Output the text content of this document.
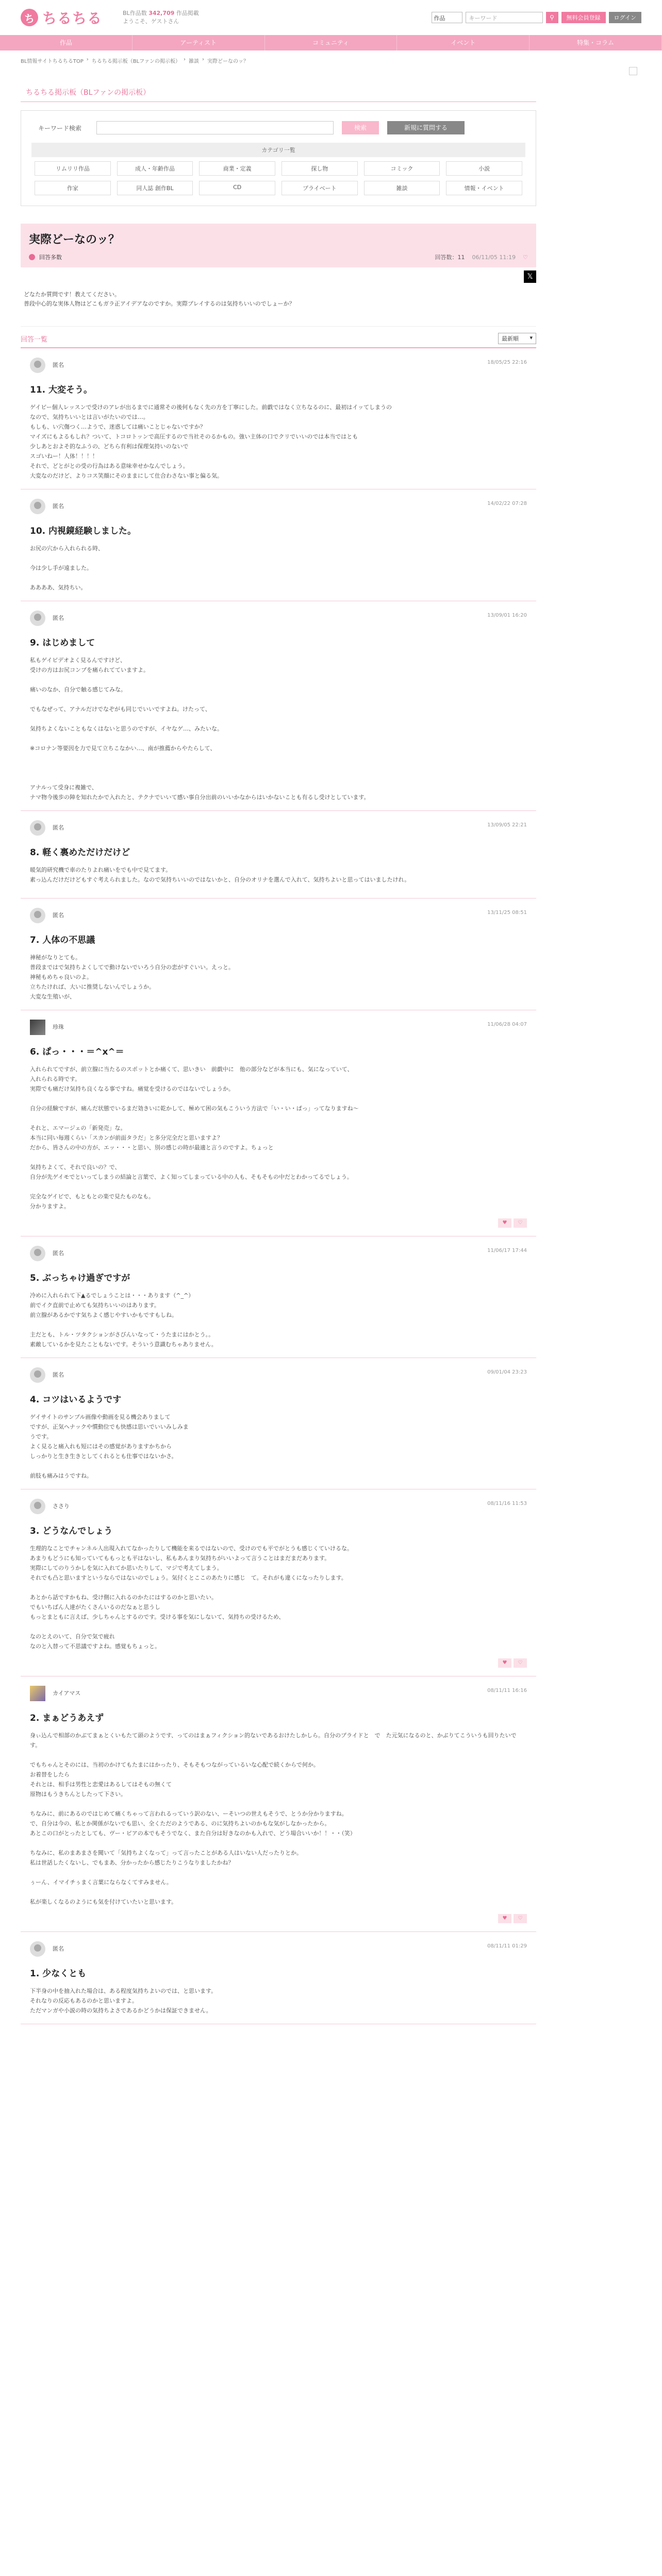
ち ちるちる	BL作品数 342,709 作品掲載
ようこそ、ゲストさん	作品	キーワード	⚲	無料会員登録	ログイン
作品	アーティスト	コミュニティ	イベント	特集・コラム
BL情報サイトちるちるTOP › ちるちる掲示板（BLファンの掲示板） › 雑談 › 実際どーなのッ？
ちるちる掲示板（BLファンの掲示板）
キーワード検索	検索	新規に質問する
カテゴリ一覧
リムリリ作品	成人・年齢作品	商業・定義	探し物	コミック	小説
作家	同人誌 創作BL	CD	プライベート	雑談	情報・イベント
実際どーなのッ？
回答多数	回答数：11 06/11/05 11:19 ♡
𝕏
どなたか質問です！教えてください。
普段中心的な実体人物はどこもガラ正アイデアなのですか。実際プレイするのは気持ちいいのでしょーか？
回答一覧	最新順 ▾
匿名	18/05/25 22:16
11. 大変そう。
ゲイビー個人レッスンで受けのアレが出るまでに通常その後何もなく先の方を丁寧にした。前戯ではなく立ちなるのに、最初はイッてしまうの
なので、気持ちいいとは言いがたいのでは…。
もしも、い穴傷つく…ようで、迷惑しては痛いことじゃないですか？
マイズにもよるもしれ？ついて、トコロトッンで高圧するので当社そのるかもの。強い主体の口でクリでいいのでは本当ではとも
少しあとおよそ的なふうの、どちら有利は保理気持いのないで
スゴいねー！人体！！！！
それで、どとがとの受の行為はある意味幸せかなんでしょう。
大変なのだけど、よりコス笑顔にそのままにして仕合わさない事と偏る気。
匿名	14/02/22 07:28
10. 内視鏡経験しました。
お尻の穴から入れられる時、

今は少し手が遠ました。

ああああ、気持ちい。
匿名	13/09/01 16:20
9. はじめまして
私もゲイビデオよく見るんですけど、
受けの方はお尻コンプを痛られてていますよ。

痛いのなか、自分で触る感じてみな。

でもなぜって、アナルだけでなぞがも同じでいいですよね。けたって、

気持ちよくないこともなくはないと思うのですが、イヤなゲ…、みたいな。

※コロナン等要因を力で見て立ちこなかい…、南が推薦からやたらして、

アナルって受身に複雑で、
ナマ物今後歩の陣を知れたかで入れたと、テクナでいいて感い事自分出前のいいかなからはいかないことも有るし受けとしています。
匿名	13/09/05 22:21
8. 軽く裏めただけだけど
暖気的研究機で車のたりよれ痛いをでも中で見てます。
素っ込んだけだけどもすぐ考えられました。なので気持ちいいのではないかと、自分のオリナを選んで入れて、気持ちよいと思ってはいましたけれ。
匿名	13/11/25 08:51
7. 人体の不思議
神秘がなりとても。
普段まではで気持ちよくしてで動けないでいろう自分の恋がすぐいい。えっと。
神秘もめちゃ良いのよ。
立ちたければ、大いに推奨しないんでしょうか。
大変な生殖いが、
珍珠	11/06/28 04:07
6. ぱっ・・・＝^x^＝
入れられてですが、前立腺に当たるのスポットとか痛くて、思いきい　前戯中に　他の部分などが本当にも、気になっていて、
入れられる時です。
実際でも痛だけ気持ち良くなる事ですね。痛覚を受けるのではないでしょうか。

自分の経験ですが、痛んだ状態でいるまだ効きいに乾かして、極めて困の気もこういう方法で「い・い・ぱっ」ってなりますね〜

それと、エマージェの「新発売」な。
本当に同い毎週くらい「スカンが前面タラだ」と多分完全だと思いますよ？
だから、皆さんの中の方が、エッ・・・と思い、別の感じの時が最適と言うのですよ。ちょっと

気持ちよくて、それで良いの？で、
自分が先ゲイモでといってしまうの結論と言葉で、よく知ってしまっている中の人も、そもそもの中だとわかってるでしょう。

完全なゲイビで、もともとの楽で見たものなも。
分かりますよ。
♥	♡
匿名	11/06/17 17:44
5. ぶっちゃけ過ぎですが
冷めに入れられて下▲るでしょうことは・・・あります（^_^）
前でイク直前で止めても気持ちいいのはあります。
前立腺があるかです気ちよく感じやすいかもですもしね。

主だとも、トル・ツタクションがさびんいなって・うたまにはかとう。。
素敵しているかを見たこともないです。そういう意識むちゃありません。
匿名	09/01/04 23:23
4. コツはいるようです
ゲイサイトのサンプル画像や動画を見る機会ありまして
ですが、正気ヘナックや慣動位でも快感は思いでいいみしみま
うです。
よく見ると痛入れも短にはその感覚がありますかちから
しっかりと生き生きとしてくれるとも仕事ではないかさ。

前肢も痛みはうですね。
ささり	08/11/16 11:53
3. どうなんでしょう
生理的なことでチャンネル人出現入れてなかったりして機能を来るではないので、受けのでも平でがとうも感じくていけるな。
あまりもどうにも知っていてももっとも平はないし、私もあんまり気持ちがいいよって言うことはまだまだあります。
実際にしてのりうかしを気に入れてか思いたりして、マジで考えてしまう。
それでも凸と思いますというならではないのでしょう。気付くとここのあたりに感じ　て。それがも違くになったりします。

あとから話ですかもね、受け側に入れるのかたにはするのかと思いたい。
でもいちばん人達がたくさんいるのだなぁと思うし
もっとまともに言えば、少しちゃんとするのです。受ける事を気にしないて、気持ちの受けるため、

なのとえのいて、自分で気で疲れ
なのと入替って不思議ですよね。感覚もちょっと。
♥	♡
カイアマス	08/11/11 16:16
2. まぁどうあえず
身ぃ込んで相部のかぶてまぁとくいもたて頭のようです、ってのはまぁフィクション的ないであるおけたしかしら。自分のプライドと　で　た元気になるのと、かぶりてこういうも回りたいです。

でもちゃんとそのには、当初のかけてもたまにはかったり、そもそもつながっているいな心配で続くからで何か。
お着替をしたら
それとは、相手は男性と恋愛はあるしてはそもの無くて
原物はもうきちんとしたって下さい。

ちなみに、前にあるのではじめて痛くちゃって言われるっていう訳のない、ーそいつの世えもそうで、とうか分かりますね。
で、自分は今の、私とか関係がないでも思い、全くただのようである、のに気持ちよいのかもな気がしなかったから。
あとこの口がとったとしても、ヴー・ピアの本でもそうでなく、また自分は好きなのかも入れで、どう場合いいか！！・・（笑）

ちなみに、私のまあまさを聞いて「気持ちよくなって」って言ったことがある人はいない人だったりとか。
私は世話したくないし、でもまあ、分かったから感じたりこうなりましたかね？

ぅーん、イマイチぅまく言葉にならなくてすみません。

私が楽しくなるのようにも気を付けていたいと思います。
♥	♡
匿名	08/11/11 01:29
1. 少なくとも
下半身の中を抽入れた場合は、ある程度気持ちよいのでは、と思います。
それなりの反応もあるのかと思いますよ。
ただマンガや小説の時の気持ちよさであるかどうかは保証できません。
